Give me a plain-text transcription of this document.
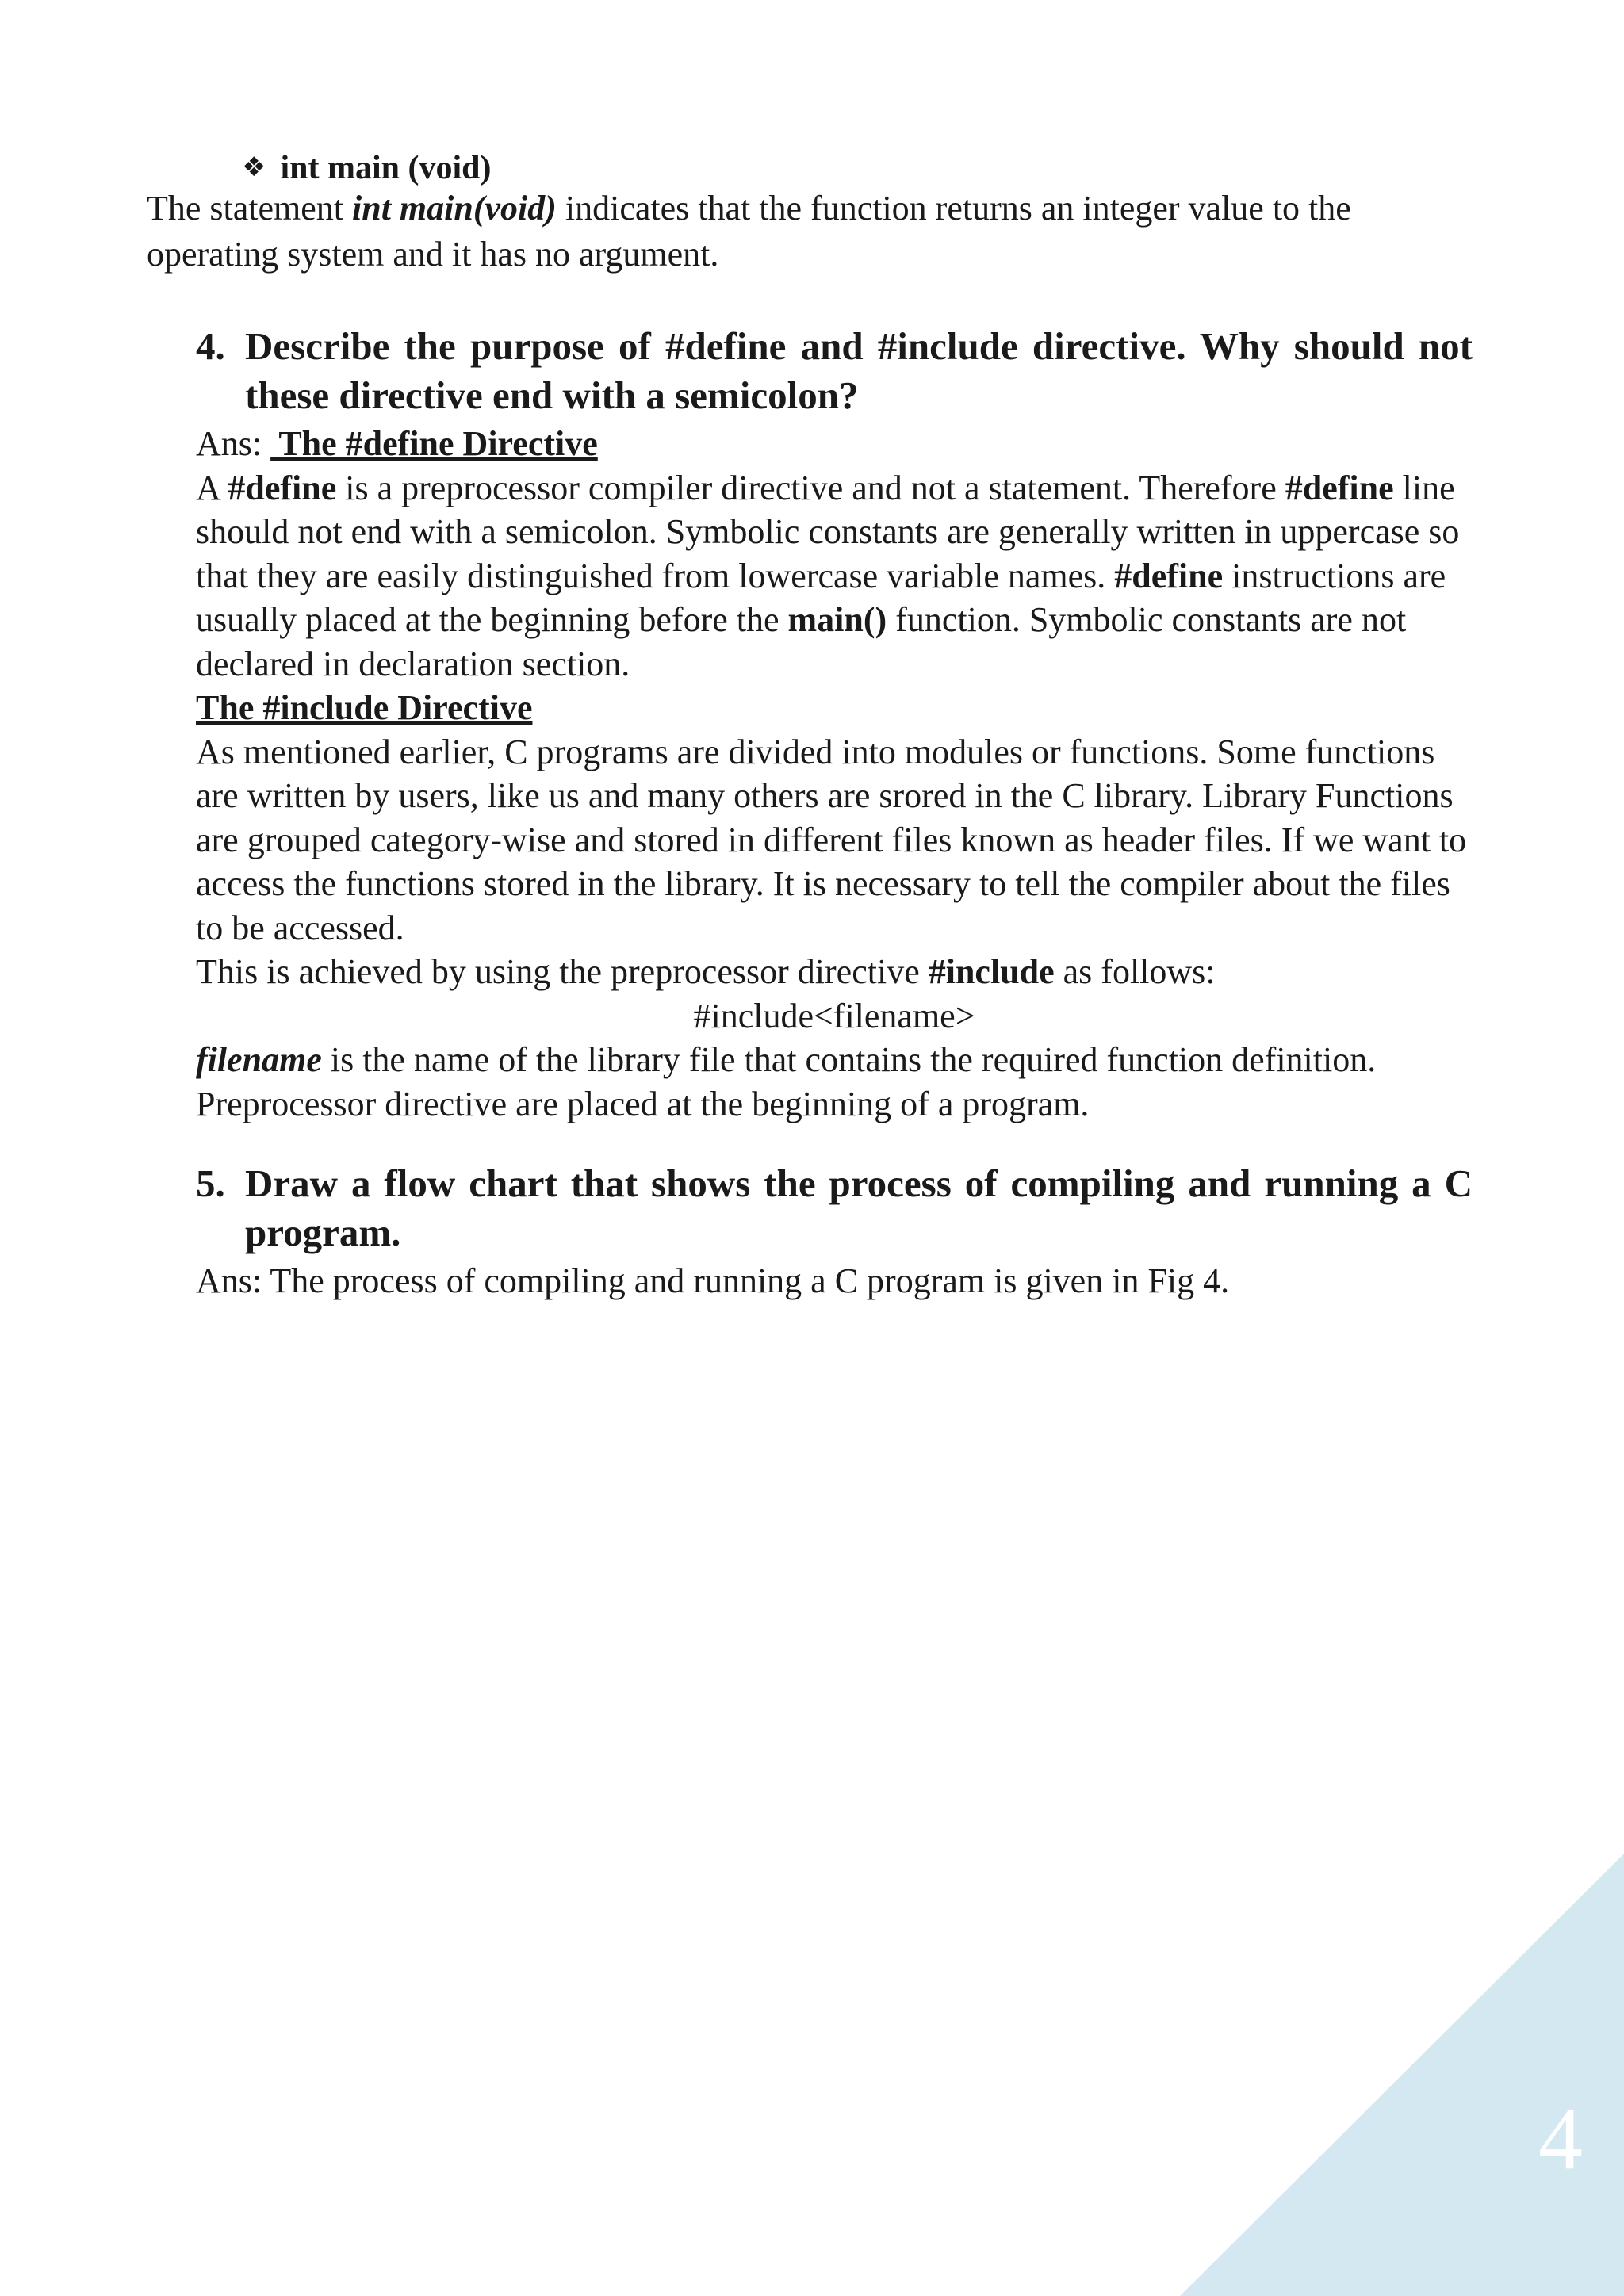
❖ int main (void)
The statement int main(void) indicates that the function returns an integer value to the operating system and it has no argument.
4. Describe the purpose of #define and #include directive. Why should not these directive end with a semicolon?
Ans:  The #define Directive
A #define is a preprocessor compiler directive and not a statement. Therefore #define line should not end with a semicolon. Symbolic constants are generally written in uppercase so that they are easily distinguished from lowercase variable names. #define instructions are usually placed at the beginning before the main() function. Symbolic constants are not declared in declaration section.
The #include Directive
As mentioned earlier, C programs are divided into modules or functions. Some functions are written by users, like us and many others are srored in the C library. Library Functions are grouped category-wise and stored in different files known as header files. If we want to access the functions stored in the library. It is necessary to tell the compiler about the files to be accessed.
This is achieved by using the preprocessor directive #include as follows:
#include<filename>
filename is the name of the library file that contains the required function definition. Preprocessor directive are placed at the beginning of a program.
5. Draw a flow chart that shows the process of compiling and running a C program.
Ans: The process of compiling and running a C program is given in Fig 4.
4
